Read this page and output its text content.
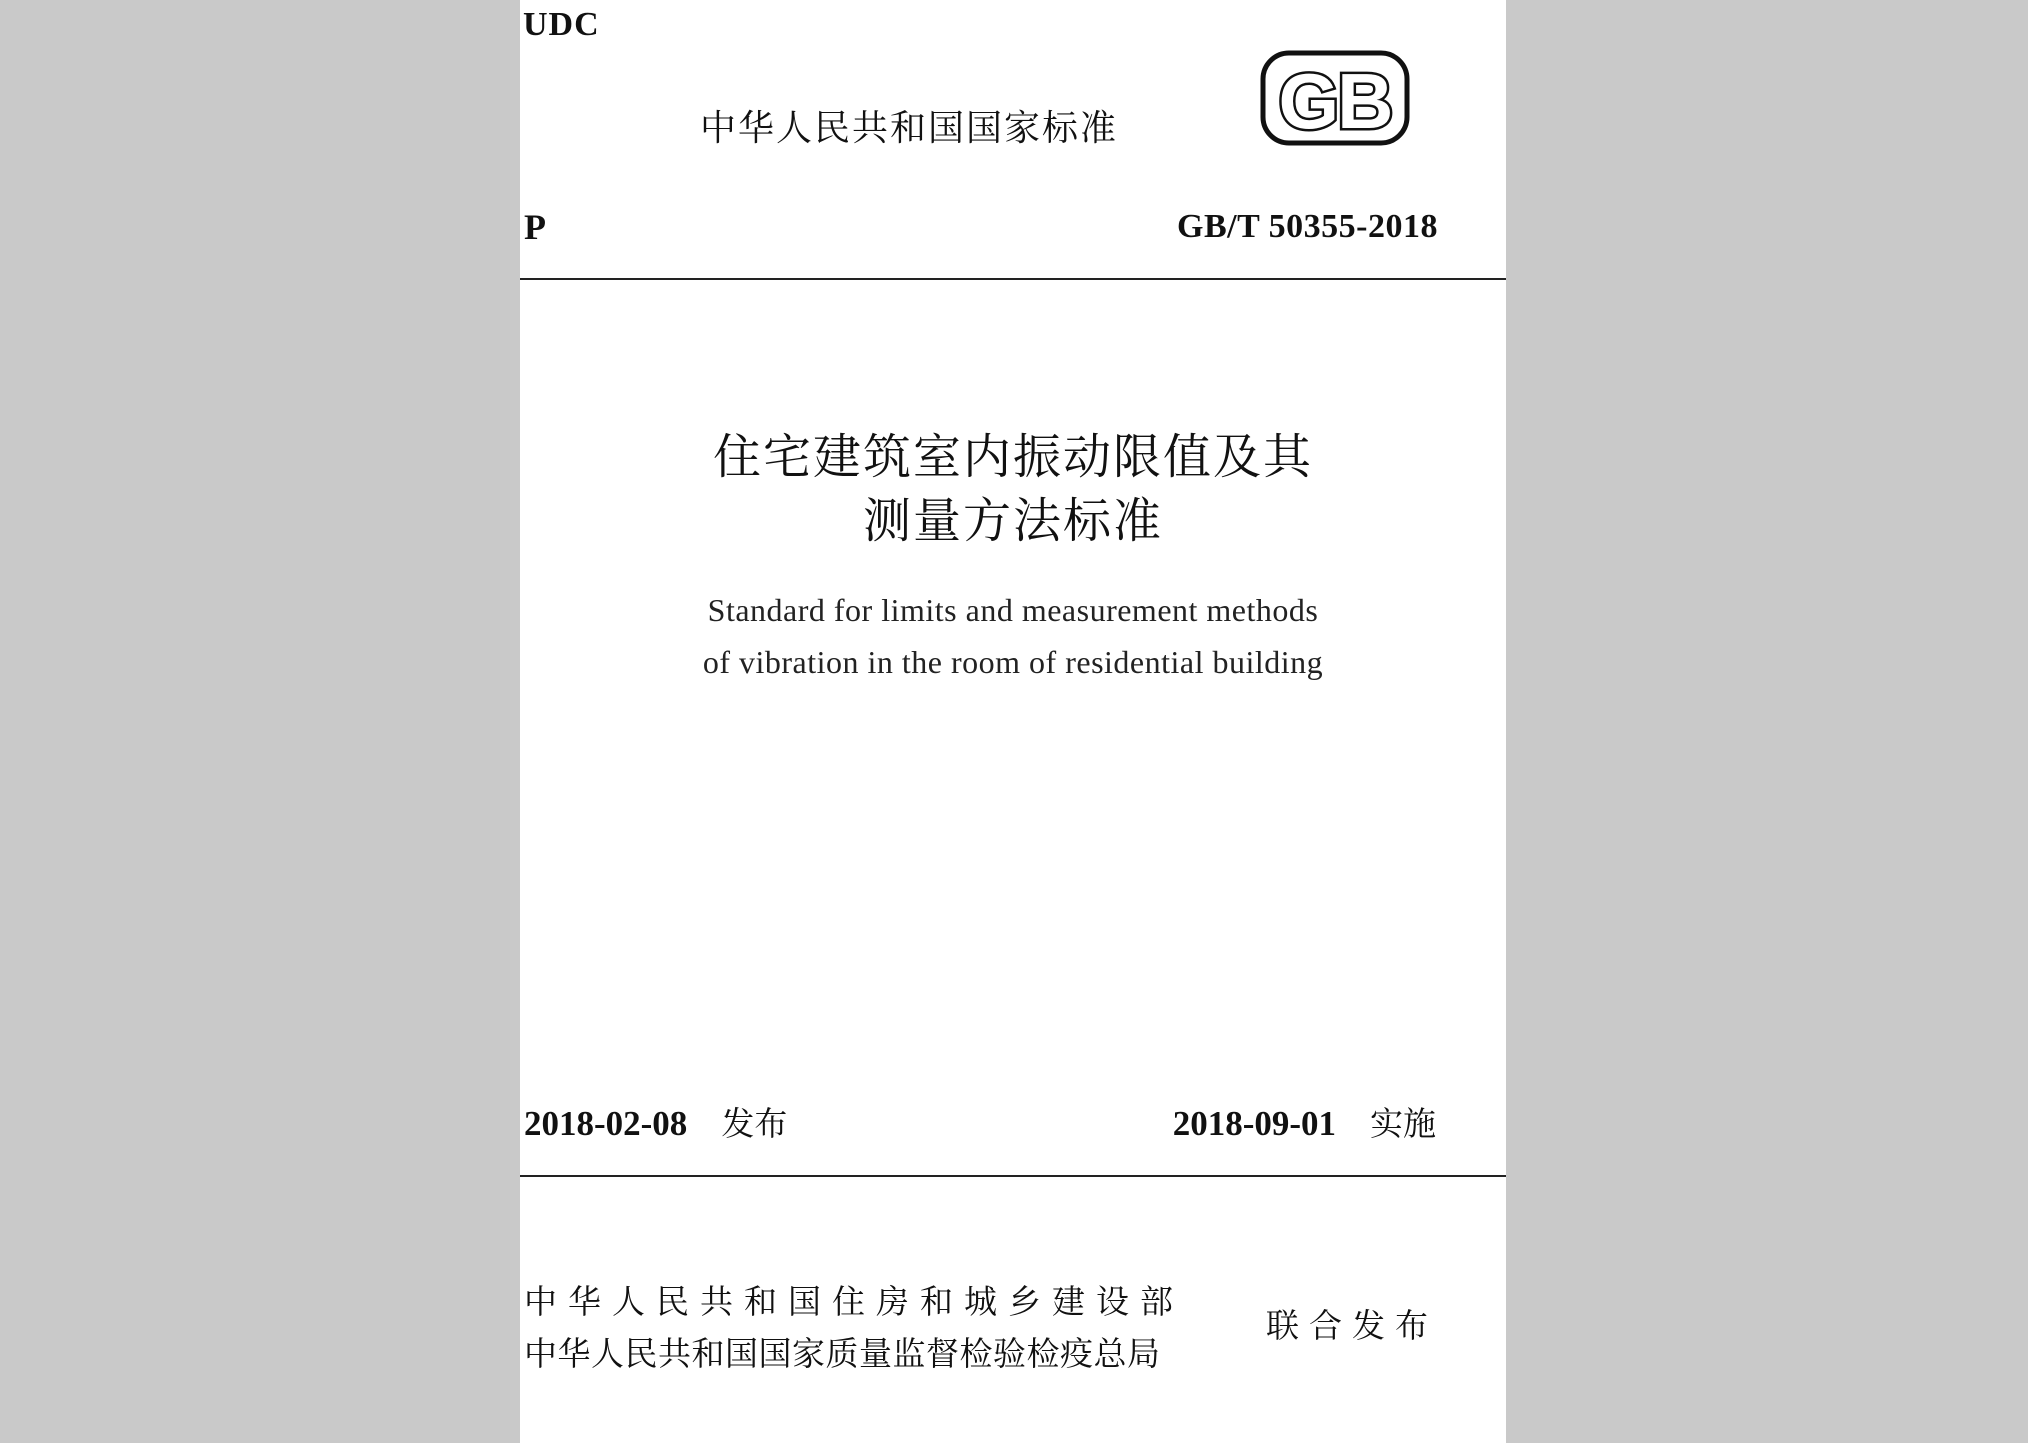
UDC
中华人民共和国国家标准 GB
P	GB/T 50355-2018
住宅建筑室内振动限值及其
测量方法标准
Standard for limits and measurement methods
of vibration in the room of residential building
2018-02-08 发布	2018-09-01 实施
中华人民共和国住房和城乡建设部
中华人民共和国国家质量监督检验检疫总局
联合发布
